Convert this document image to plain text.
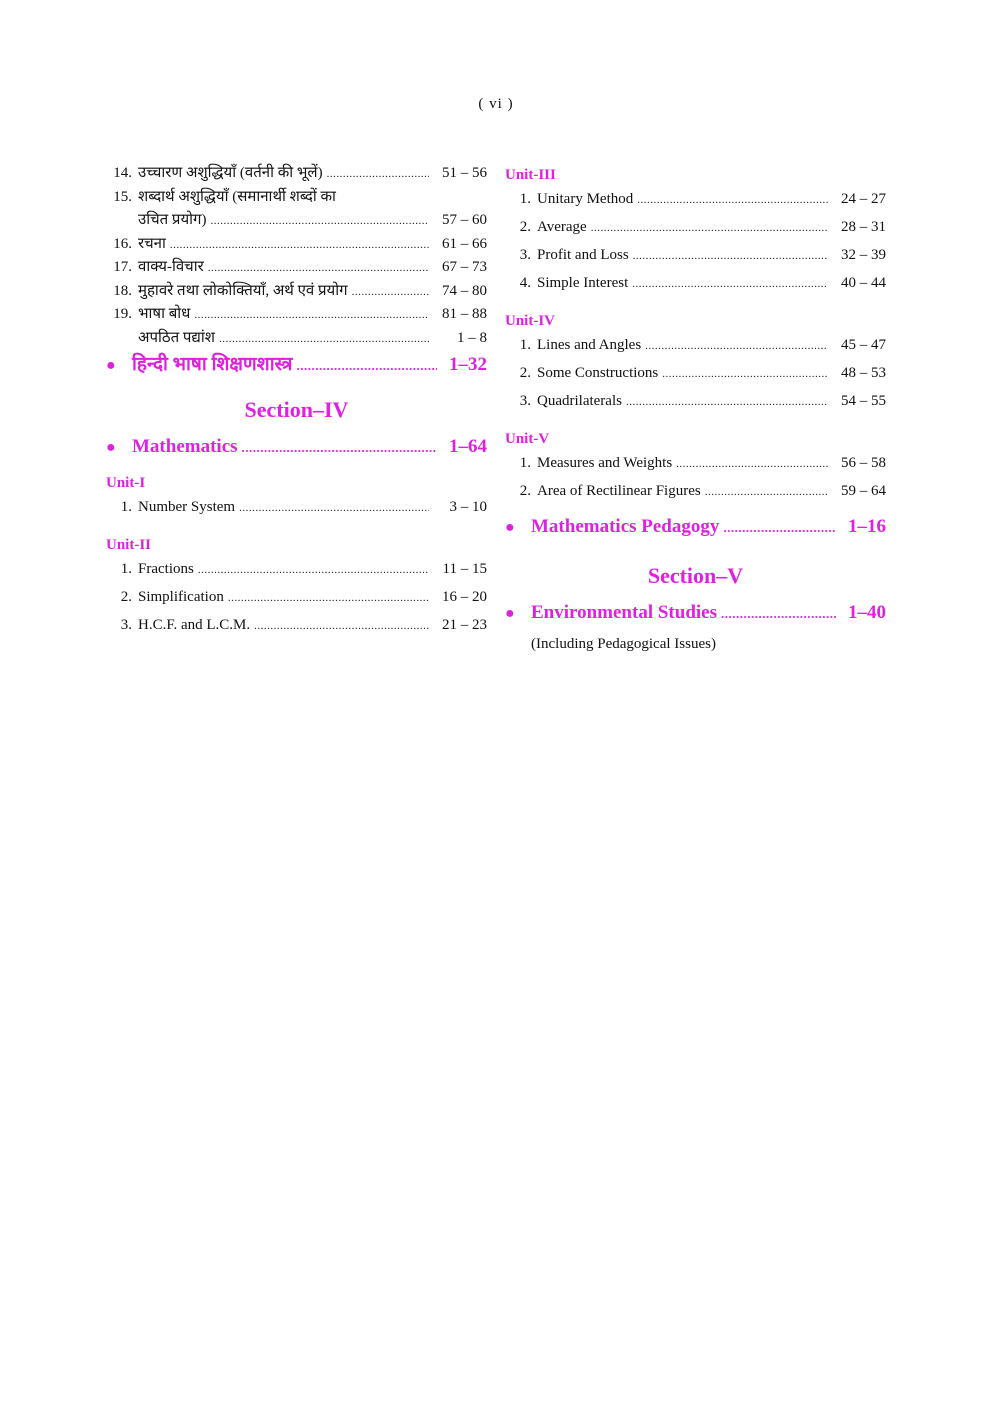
( vi )
14. उच्चारण अशुद्धियाँ (वर्तनी की भूलें) .....	51 – 56
15. शब्दार्थ अशुद्धियाँ (समानार्थी शब्दों का
उचित प्रयोग) .....	57 – 60
16. रचना .....	61 – 66
17. वाक्य-विचार .....	67 – 73
18. मुहावरे तथा लोकोक्तियाँ, अर्थ एवं प्रयोग .....	74 – 80
19. भाषा बोध .....	81 – 88
अपठित पद्यांश .....	1 – 8
● हिन्दी भाषा शिक्षणशास्त्र .....	1–32
Section–IV
● Mathematics .....	1–64
Unit-I
1. Number System .....	3 – 10
Unit-II
1. Fractions .....	11 – 15
2. Simplification .....	16 – 20
3. H.C.F. and L.C.M. .....	21 – 23
Unit-III
1. Unitary Method .....	24 – 27
2. Average .....	28 – 31
3. Profit and Loss .....	32 – 39
4. Simple Interest .....	40 – 44
Unit-IV
1. Lines and Angles .....	45 – 47
2. Some Constructions .....	48 – 53
3. Quadrilaterals .....	54 – 55
Unit-V
1. Measures and Weights .....	56 – 58
2. Area of Rectilinear Figures .....	59 – 64
● Mathematics Pedagogy .....	1–16
Section–V
● Environmental Studies .....	1–40
(Including Pedagogical Issues)
